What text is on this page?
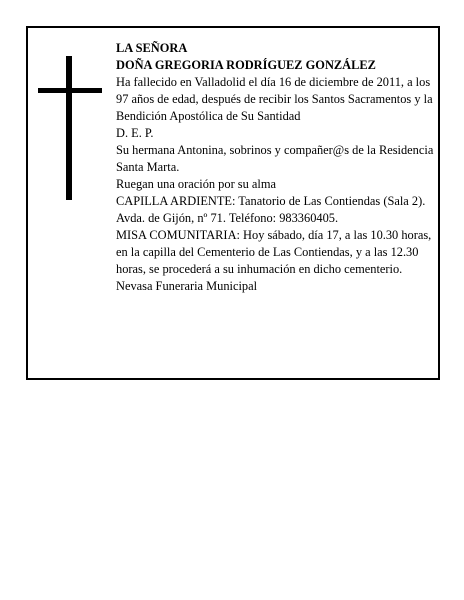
LA SEÑORA

DOÑA GREGORIA RODRÍGUEZ GONZÁLEZ

Ha fallecido en Valladolid el día 16 de diciembre de 2011, a los 97 años de edad, después de recibir los Santos Sacramentos y la Bendición Apostólica de Su Santidad

D. E. P.

Su hermana Antonina, sobrinos y compañer@s de la Residencia Santa Marta.

Ruegan una oración por su alma

CAPILLA ARDIENTE: Tanatorio de Las Contiendas (Sala 2). Avda. de Gijón, nº 71. Teléfono: 983360405.

MISA COMUNITARIA: Hoy sábado, día 17, a las 10.30 horas, en la capilla del Cementerio de Las Contiendas, y a las 12.30 horas, se procederá a su inhumación en dicho cementerio.

Nevasa Funeraria Municipal
